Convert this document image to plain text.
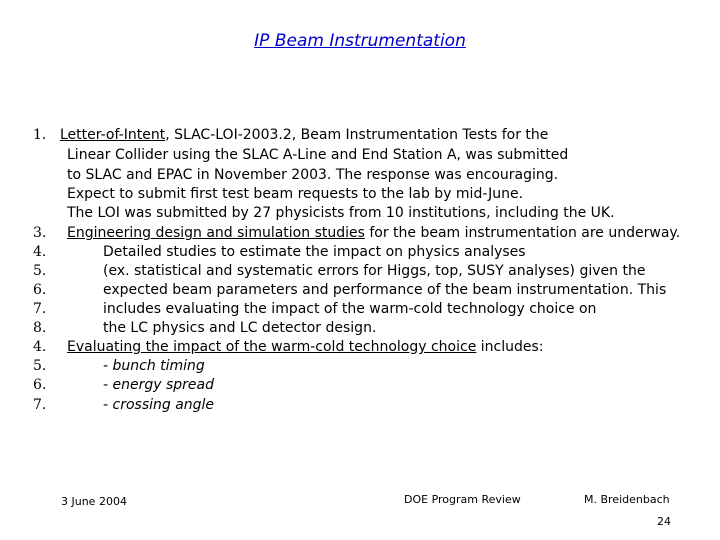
IP Beam Instrumentation
1.
3.
4.
5.
6.
7.
8.
4.
5.
6.
7.
Letter-of-Intent, SLAC-LOI-2003.2, Beam Instrumentation Tests for the
Linear Collider using the SLAC A-Line and End Station A, was submitted
to SLAC and EPAC in November 2003. The response was encouraging.
Expect to submit first test beam requests to the lab by mid-June.
The LOI was submitted by 27 physicists from 10 institutions, including the UK.
Engineering design and simulation studies for the beam instrumentation are underway.
Detailed studies to estimate the impact on physics analyses
(ex. statistical and systematic errors for Higgs, top, SUSY analyses) given the
expected beam parameters and performance of the beam instrumentation. This
includes evaluating the impact of the warm-cold technology choice on
the LC physics and LC detector design.
Evaluating the impact of the warm-cold technology choice includes:
- bunch timing
- energy spread
- crossing angle
3 June 2004	DOE Program Review	M. Breidenbach
24
